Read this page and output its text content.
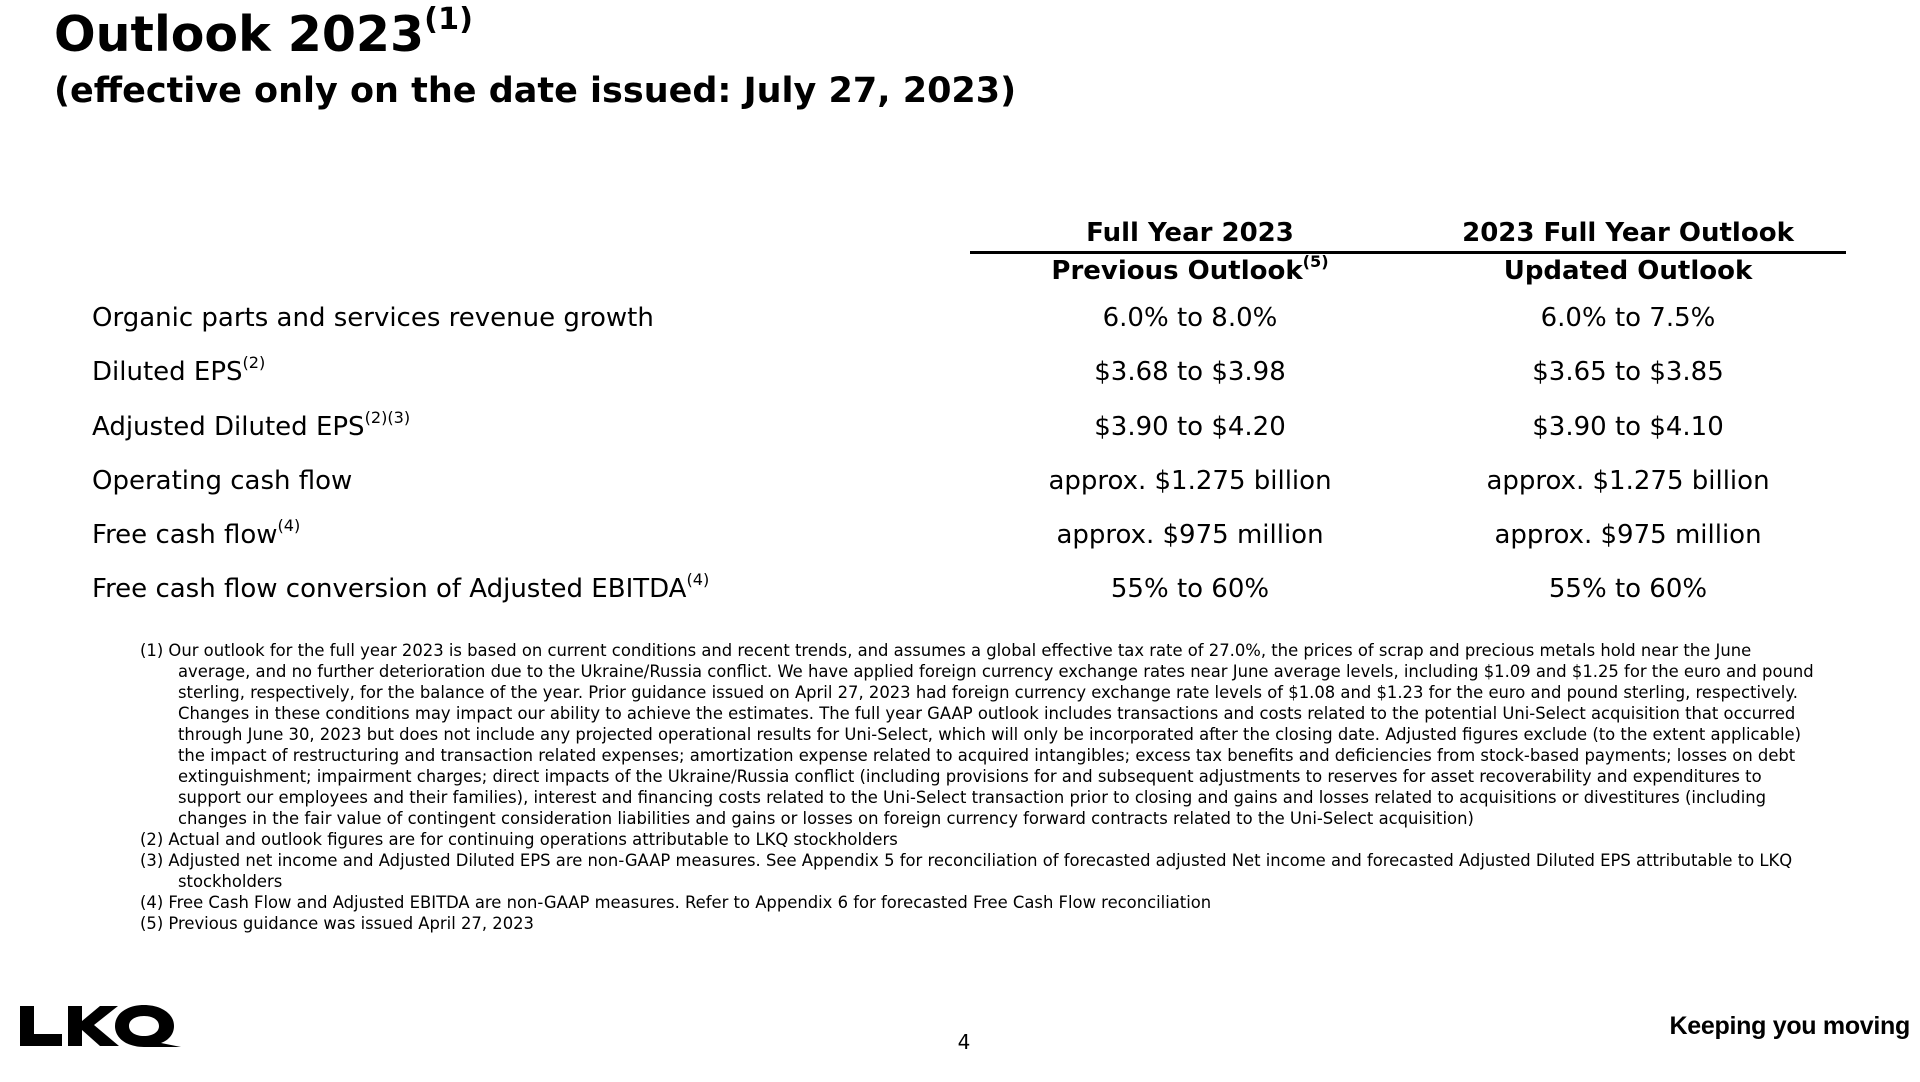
Outlook 2023$^{(1)}$
(effective only on the date issued: July 27, 2023)
Full Year 2023	2023 Full Year Outlook
Previous Outlook$^{(5)}$	Updated Outlook
Organic parts and services revenue growth	6.0% to 8.0%	6.0% to 7.5%
Diluted EPS$^{(2)}$	$3.68 to $3.98	$3.65 to $3.85
Adjusted Diluted $EPS^{(2)(3)}$	$3.90 to $4.20	$3.90 to $4.10
Operating cash flow	approx. $1.275 billion	approx. $1.275 billion
Free cash flow$^{(4)}$	approx. $975 million	approx. $975 million
Free cash flow conversion of Adjusted EBITDA$^{(4)}$	55% to 60%	55% to 60%

(1) Our outlook for the full year 2023 is based on current conditions and recent trends, and assumes a global effective tax rate of 27.0%, the prices of scrap and precious metals hold near the June average, and no further deterioration due to the Ukraine/Russia conflict. We have applied foreign currency exchange rates near June average levels, including $1.09 and $1.25 for the euro and pound sterling, respectively, for the balance of the year. Prior guidance issued on April 27, 2023 had foreign currency exchange rate levels of $1.08 and $1.23 for the euro and pound sterling, respectively. Changes in these conditions may impact our ability to achieve the estimates. The full year GAAP outlook includes transactions and costs related to the potential Uni-Select acquisition that occurred through June 30, 2023 but does not include any projected operational results for Uni-Select, which will only be incorporated after the closing date. Adjusted figures exclude (to the extent applicable) the impact of restructuring and transaction related expenses; amortization expense related to acquired intangibles; excess tax benefits and deficiencies from stock-based payments; losses on debt extinguishment; impairment charges; direct impacts of the Ukraine/Russia conflict (including provisions for and subsequent adjustments to reserves for asset recoverability and expenditures to support our employees and their families), interest and financing costs related to the Uni-Select transaction prior to closing and gains and losses related to acquisitions or divestitures (including changes in the fair value of contingent consideration liabilities and gains or losses on foreign currency forward contracts related to the Uni-Select acquisition)

(2) Actual and outlook figures are for continuing operations attributable to LKQ stockholders

(3) Adjusted net income and Adjusted Diluted EPS are non-GAAP measures. See Appendix 5 for reconciliation of forecasted adjusted Net income and forecasted Adjusted Diluted EPS attributable to LKQ stockholders

(4) Free Cash Flow and Adjusted EBITDA are non-GAAP measures. Refer to Appendix 6 for forecasted Free Cash Flow reconciliation

(5) Previous guidance was issued April 27, 2023

4
Keeping you moving
